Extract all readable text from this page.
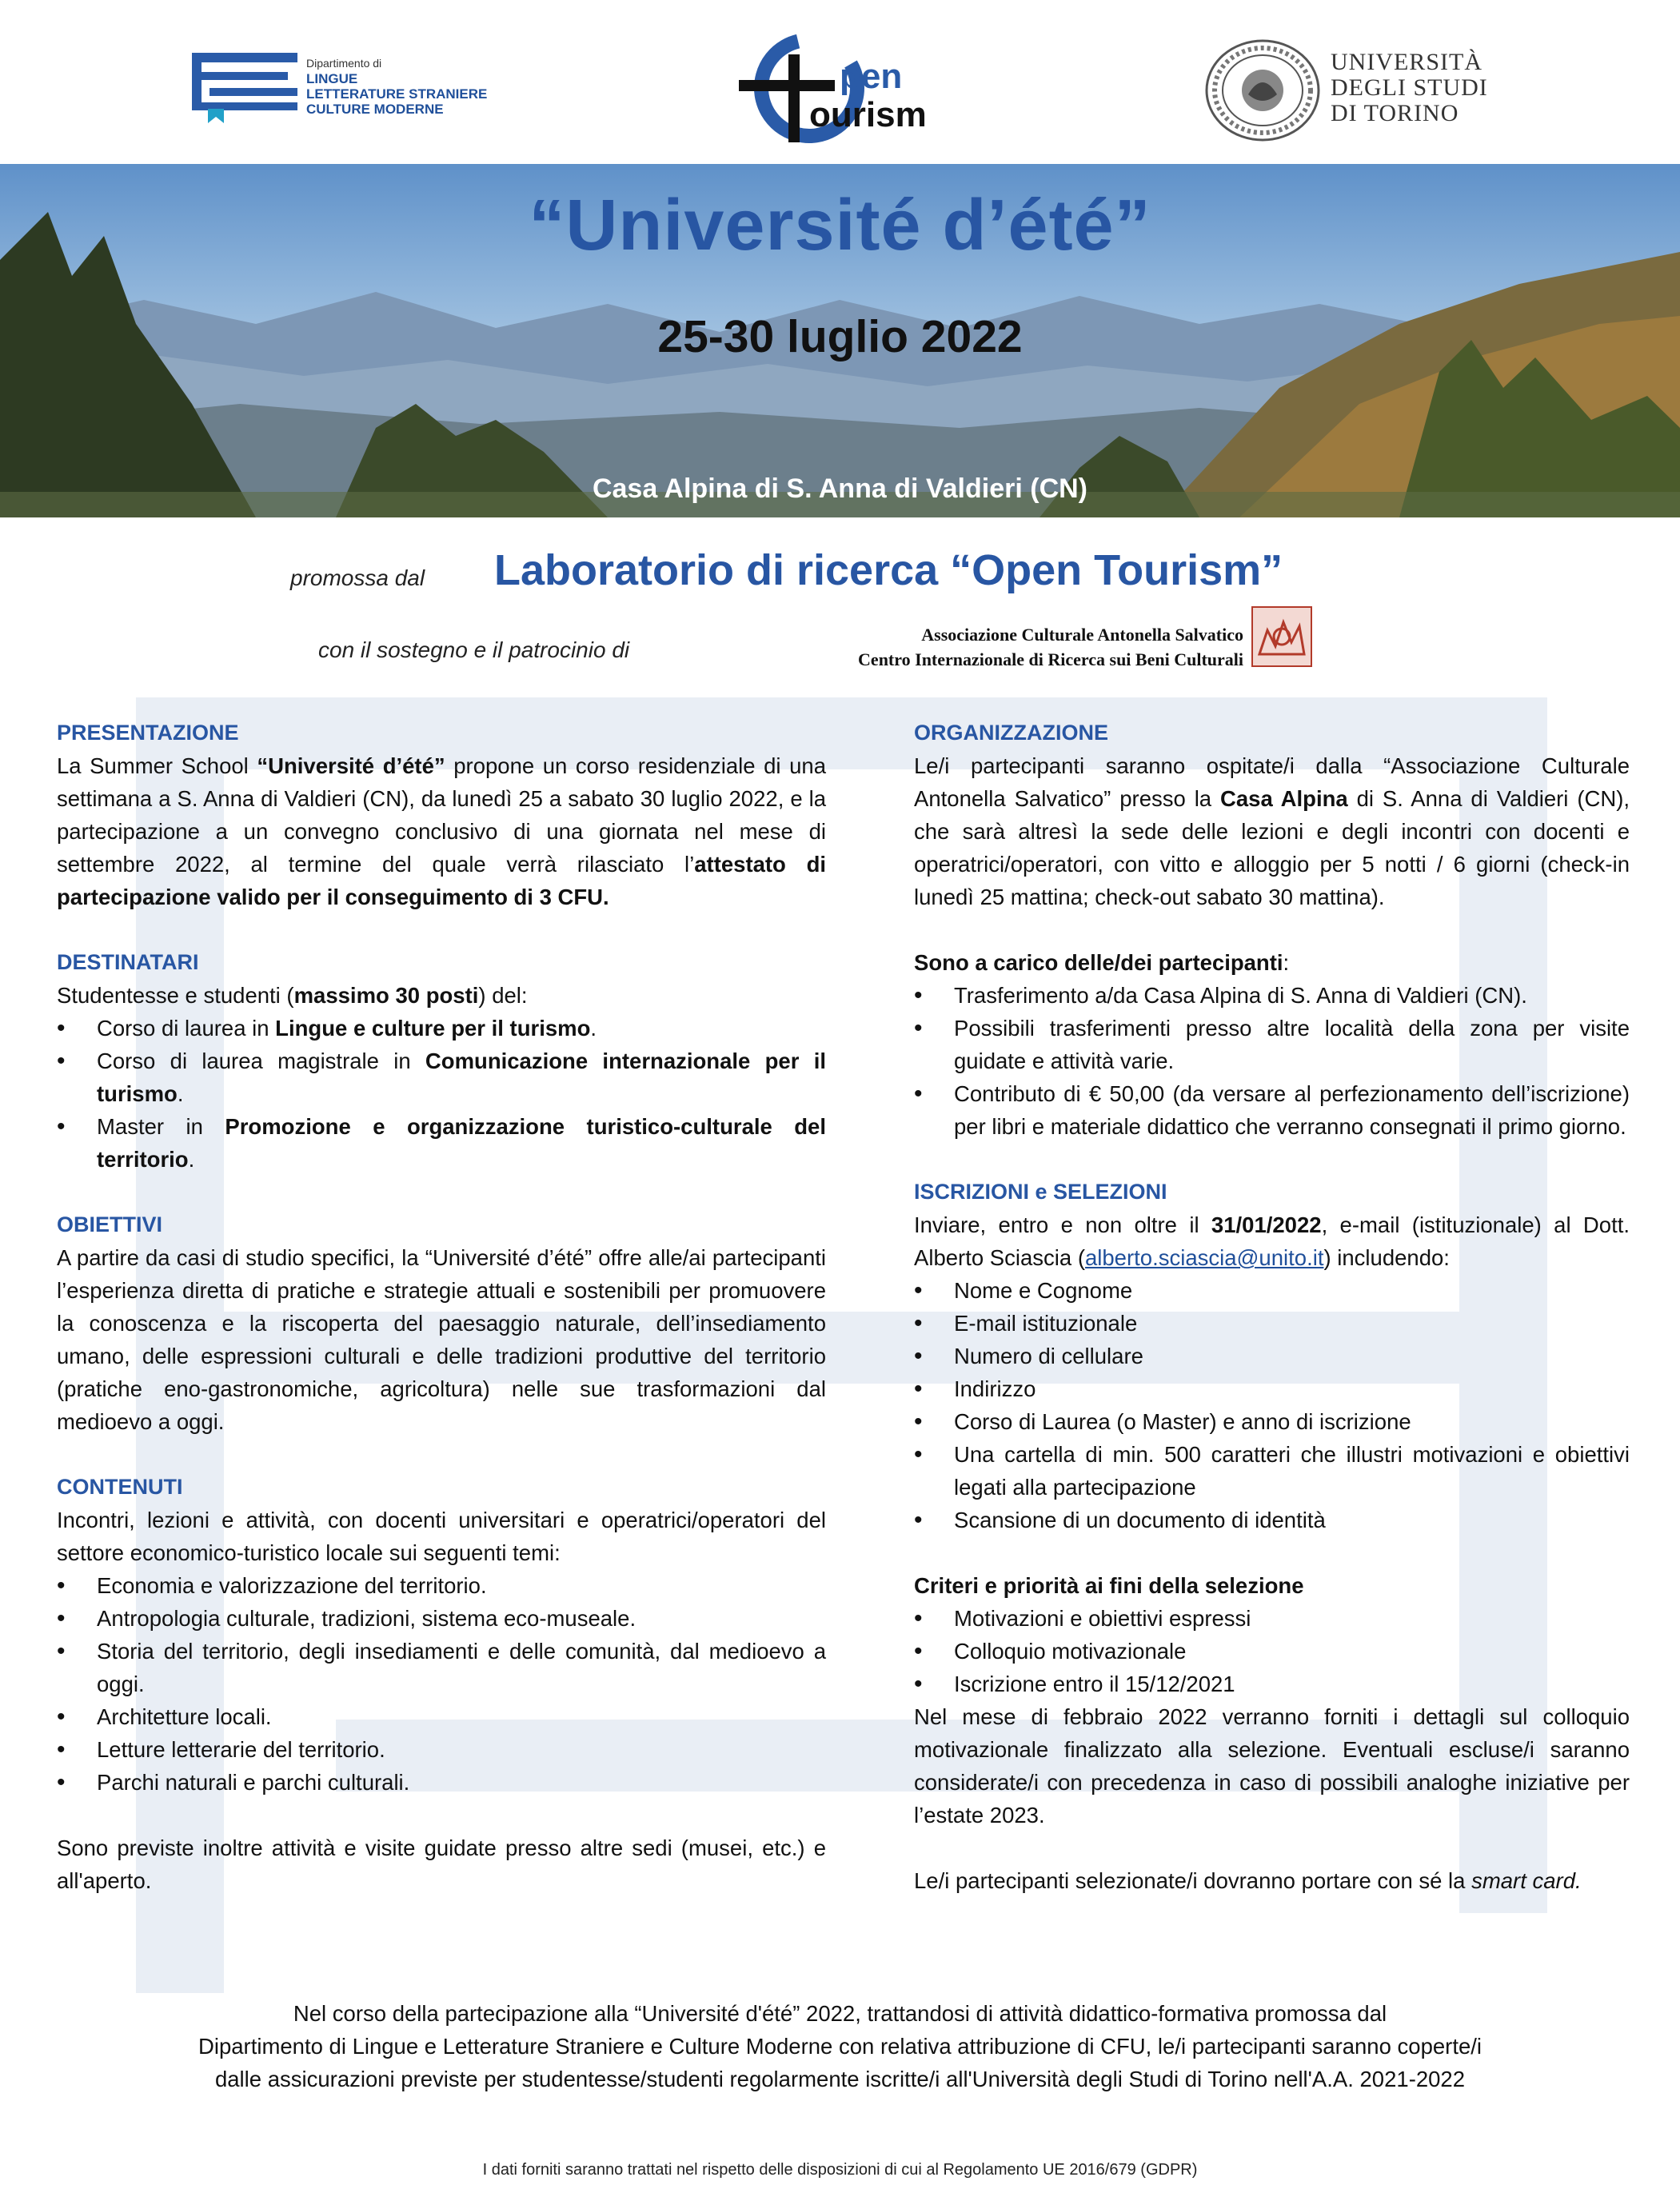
Dipartimento di
LINGUE
LETTERATURE STRANIERE
CULTURE MODERNE
pen
ourism
UNIVERSITÀ
DEGLI STUDI
DI TORINO
“Université d’été”
25-30 luglio 2022
Casa Alpina di S. Anna di Valdieri (CN)
promossa dal Laboratorio di ricerca “Open Tourism”
con il sostegno e il patrocinio di
Associazione Culturale Antonella Salvatico
Centro Internazionale di Ricerca sui Beni Culturali
PRESENTAZIONE
La Summer School “Université d’été” propone un corso residenziale di una settimana a S. Anna di Valdieri (CN), da lunedì 25 a sabato 30 luglio 2022, e la partecipazione a un convegno conclusivo di una giornata nel mese di settembre 2022, al termine del quale verrà rilasciato l’attestato di partecipazione valido per il conseguimento di 3 CFU.
DESTINATARI
Studentesse e studenti (massimo 30 posti) del:
• Corso di laurea in Lingue e culture per il turismo.
• Corso di laurea magistrale in Comunicazione internazionale per il turismo.
• Master in Promozione e organizzazione turistico-culturale del territorio.
OBIETTIVI
A partire da casi di studio specifici, la “Université d’été” offre alle/ai partecipanti l’esperienza diretta di pratiche e strategie attuali e sostenibili per promuovere la conoscenza e la riscoperta del paesaggio naturale, dell’insediamento umano, delle espressioni culturali e delle tradizioni produttive del territorio (pratiche eno-gastronomiche, agricoltura) nelle sue trasformazioni dal medioevo a oggi.
CONTENUTI
Incontri, lezioni e attività, con docenti universitari e operatrici/operatori del settore economico-turistico locale sui seguenti temi:
• Economia e valorizzazione del territorio.
• Antropologia culturale, tradizioni, sistema eco-museale.
• Storia del territorio, degli insediamenti e delle comunità, dal medioevo a oggi.
• Architetture locali.
• Letture letterarie del territorio.
• Parchi naturali e parchi culturali.
Sono previste inoltre attività e visite guidate presso altre sedi (musei, etc.) e all'aperto.
ORGANIZZAZIONE
Le/i partecipanti saranno ospitate/i dalla “Associazione Culturale Antonella Salvatico” presso la Casa Alpina di S. Anna di Valdieri (CN), che sarà altresì la sede delle lezioni e degli incontri con docenti e operatrici/operatori, con vitto e alloggio per 5 notti / 6 giorni (check-in lunedì 25 mattina; check-out sabato 30 mattina).
Sono a carico delle/dei partecipanti:
• Trasferimento a/da Casa Alpina di S. Anna di Valdieri (CN).
• Possibili trasferimenti presso altre località della zona per visite guidate e attività varie.
• Contributo di € 50,00 (da versare al perfezionamento dell’iscrizione) per libri e materiale didattico che verranno consegnati il primo giorno.
ISCRIZIONI e SELEZIONI
Inviare, entro e non oltre il 31/01/2022, e-mail (istituzionale) al Dott. Alberto Sciascia (alberto.sciascia@unito.it) includendo:
• Nome e Cognome
• E-mail istituzionale
• Numero di cellulare
• Indirizzo
• Corso di Laurea (o Master) e anno di iscrizione
• Una cartella di min. 500 caratteri che illustri motivazioni e obiettivi legati alla partecipazione
• Scansione di un documento di identità
Criteri e priorità ai fini della selezione
• Motivazioni e obiettivi espressi
• Colloquio motivazionale
• Iscrizione entro il 15/12/2021
Nel mese di febbraio 2022 verranno forniti i dettagli sul colloquio motivazionale finalizzato alla selezione. Eventuali escluse/i saranno considerate/i con precedenza in caso di possibili analoghe iniziative per l’estate 2023.
Le/i partecipanti selezionate/i dovranno portare con sé la smart card.
Nel corso della partecipazione alla “Université d'été” 2022, trattandosi di attività didattico-formativa promossa dal
Dipartimento di Lingue e Letterature Straniere e Culture Moderne con relativa attribuzione di CFU, le/i partecipanti saranno coperte/i
dalle assicurazioni previste per studentesse/studenti regolarmente iscritte/i all'Università degli Studi di Torino nell'A.A. 2021-2022
I dati forniti saranno trattati nel rispetto delle disposizioni di cui al Regolamento UE 2016/679 (GDPR)
